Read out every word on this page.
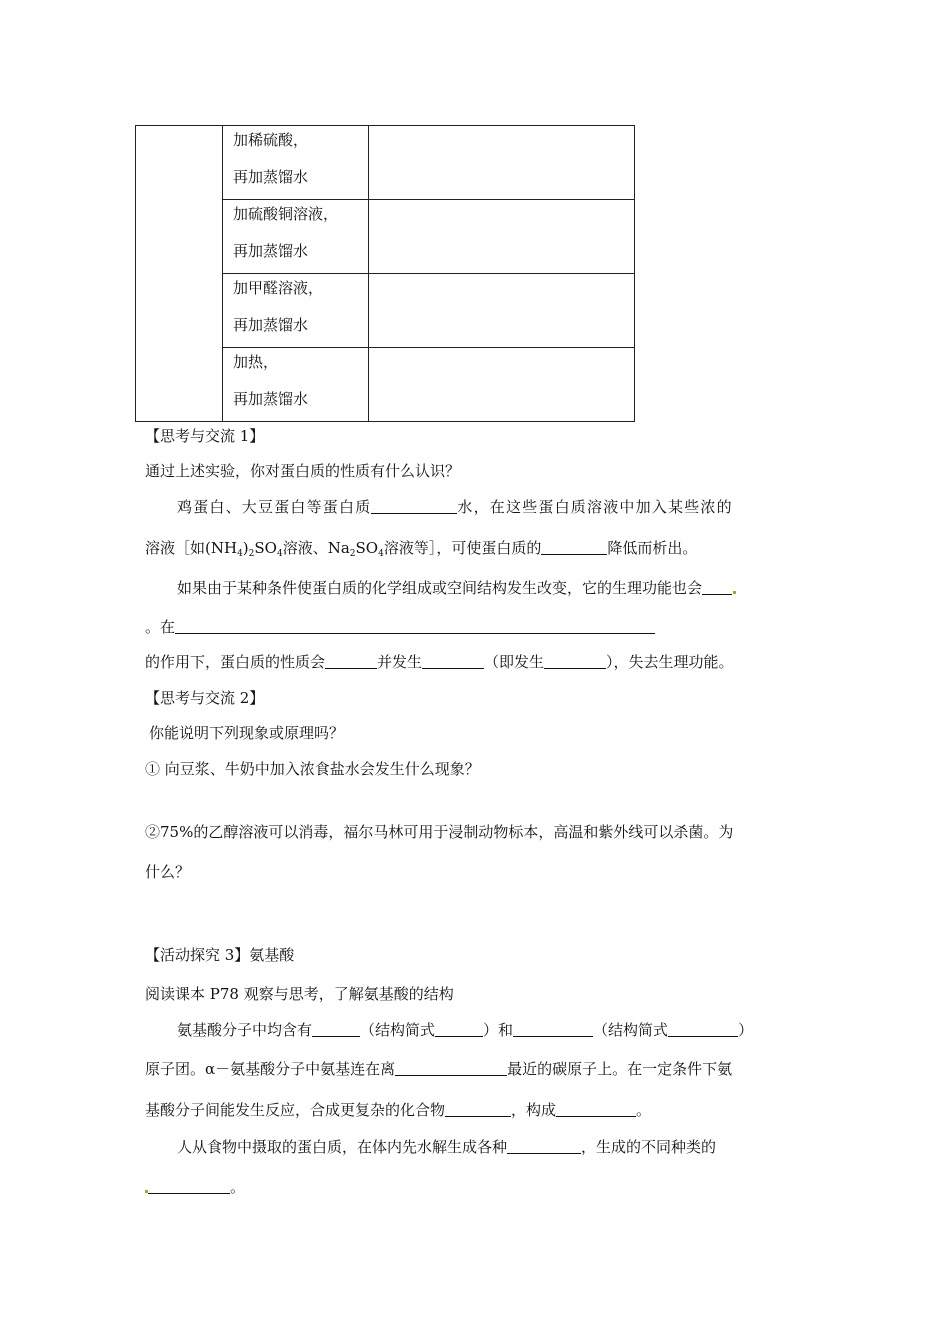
	加稀硫酸，
再加蒸馏水	

	加硫酸铜溶液，
再加蒸馏水	

	加甲醛溶液，
再加蒸馏水	

	加热，
再加蒸馏水	

【思考与交流 1】
通过上述实验，你对蛋白质的性质有什么认识？
鸡蛋白、大豆蛋白等蛋白质	水，在这些蛋白质溶液中加入某些浓的
溶液［如$(NH_4)_2SO_4$溶液、$Na_2SO_4$溶液等］，可使蛋白质的	降低而析出。
如果由于某种条件使蛋白质的化学组成或空间结构发生改变，它的生理功能也会
。在
的作用下，蛋白质的性质会	并发生	（即发生	），失去生理功能。
【思考与交流 2】
你能说明下列现象或原理吗？
① 向豆浆、牛奶中加入浓食盐水会发生什么现象？
②75%的乙醇溶液可以消毒，福尔马林可用于浸制动物标本，高温和紫外线可以杀菌。为
什么？
【活动探究 3】氨基酸
阅读课本 P78 观察与思考，了解氨基酸的结构
氨基酸分子中均含有	（结构简式	）和	（结构简式	）
原子团。α－氨基酸分子中氨基连在离	最近的碳原子上。在一定条件下氨
基酸分子间能发生反应，合成更复杂的化合物	，构成	。
人从食物中摄取的蛋白质，在体内先水解生成各种	，生成的不同种类的
。
